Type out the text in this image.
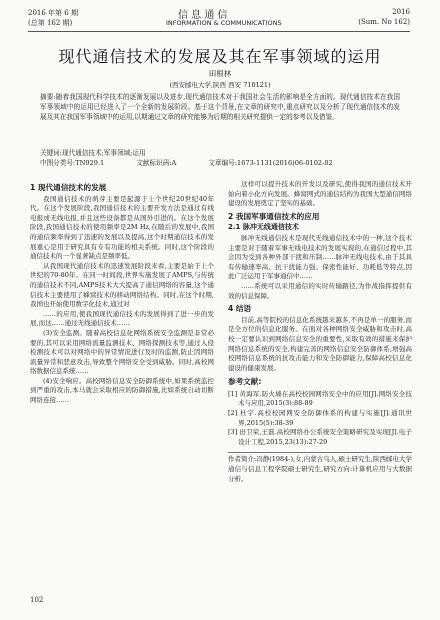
2016 年第 6 期
(总第 162 期)
信 息 通 信
INFORMATION & COMMUNICATIONS
2016
(Sum. No 162)
现代通信技术的发展及其在军事领域的运用
田根林
(西安邮电大学,陕西 西安 710121)
摘要:随着我国现代科学技术的逐渐发展以及进步,现代通信技术对于我国社会生活的影响是全方面的。现代通信技术在我国军事领域中的运用已经进入了一个全新的发展阶段。基于这个背景,在文章的研究中,重点研究以及分析了现代通信技术的发展及其在我国军事领域中的运用,以期通过文章的研究能够为后期的相关研究提供一定的参考以及借鉴。
关键词:现代通信技术;军事领域;运用
中图分类号:TN929.1	文献标识码:A	文章编号:1673-1131(2016)06-0102-02
1 现代通信技术的发展

我国通信技术的萌芽主要是起源于上个世纪20世纪40年代。在这个发展阶段,我国通信技术的主要开发方法是通过有线电报或无线电报,并且这些设备都是从国外引进的。在这个发展阶段,我国通信技术的使用频率是2M Hz,在随后的发展中,我国的通信频率得到了迅速的发展以及提高,这个时期通信技术的发展重心是用于研究具有专有功能的相关系统。同时,这个阶段的通信技术的一个显著缺点是频率低。

从我国现代通信技术的迅速发展阶段来看,主要是始于上个世纪的70-80年。在同一时间段,世界实施发展了AMPS,与传统的通信技术不同,AMPS技术大大提高了通信网络的容量,这个通信技术主要使用了蜂窝技术的移动网络结构。同时,在这个时期,我国也开始使用数字化技术,通过对

……的应用,使我国现代通信技术的发展得到了进一步的发展,而这……通过无线通信技术……

(3)安全监测。随着高校信息化网络系统安全监测是非常必要的,其可以采用网络流量监测技术、网络探测技术等,通过入侵检测技术可以对网络中的异常情况进行及时的监测,防止因网络流量异常和恶意攻击,导致整个网络安全受到威胁。同时,高校网络数据信息系统……

(4)安全响应。高校网络信息安全防御系统中,如果系统监控到严重的攻击,本马就会采取相应的防御措施,比如系统自动切断网络连接……

这样可以提升技术的开发以及研究,使得我国的通信技术开始向着小化方向发展。蜂窝网式的通信结构为我国大型通信网络建设的发展奠定了坚实的基础。

2 我国军事通信技术的应用
2.1 脉冲无线通信技术

脉冲无线通信技术是现代无线通信技术中的一种,这个技术主要是对于随着军事无线电技术的发展实现的,在通信过程中,其会因为受到各种外部干扰和压制……脉冲无线电技术,由于其具有传输速率高、抗干扰能力强、保密性能好、功耗低等特点,因此广泛运用于军事通信中……

……系统可以采用通信的实时传输路径,为作战指挥提供有效的信息保障。

4 结语

目前,高等院校的信息化系统越来越多,不再是单一的服务,而是全方位的信息化服务。在面对各种网络安全威胁和攻击时,高校一定要认识到网络信息安全的重要性,采取有效的措施来保护网络信息系统的安全,构建完善的网络信息安全防御体系,增强高校网络信息系统的抗攻击能力和安全防御能力,保障高校信息化建设的健康发展。

参考文献:
[1] 黄海军.防火墙在高校校园网络安全中的应用[J].网络安全技术与应用,2015(3):88-89
[2] 杜宇.高校校园网安全防御体系的构建与实施[J].通讯世界,2015(5):38-39
[3] 田卫荣,王磊.高校网络办公系统安全策略研究及实现[J].电子设计工程,2015,23(13):27-29
作者简介:冯静(1984-),女,内蒙古乌人,硕士研究生,陕西邮电大学通信与信息工程学院硕士研究生,研究方向:计算机应用与大数据分析。
102
